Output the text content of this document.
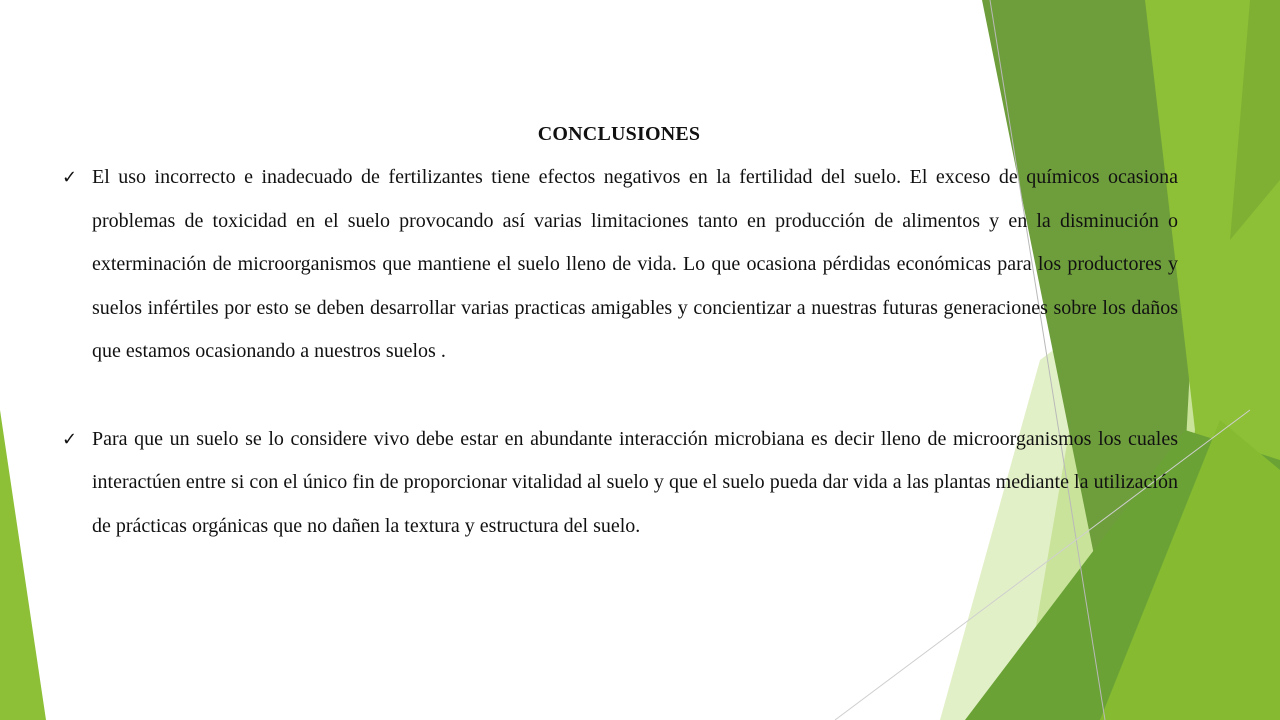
CONCLUSIONES
✓ El uso incorrecto e inadecuado de fertilizantes tiene efectos negativos en la fertilidad del suelo. El exceso de químicos ocasiona problemas de toxicidad en el suelo provocando así varias limitaciones tanto en producción de alimentos y en la disminución o exterminación de microorganismos que mantiene el suelo lleno de vida. Lo que ocasiona pérdidas económicas para los productores y suelos infértiles por esto se deben desarrollar varias practicas amigables y concientizar a nuestras futuras generaciones sobre los daños que estamos ocasionando a nuestros suelos .
✓ Para que un suelo se lo considere vivo debe estar en abundante interacción microbiana es decir lleno de microorganismos los cuales interactúen entre si con el único fin de proporcionar vitalidad al suelo y que el suelo pueda dar vida a las plantas mediante la utilización de prácticas orgánicas que no dañen la textura y estructura del suelo.
